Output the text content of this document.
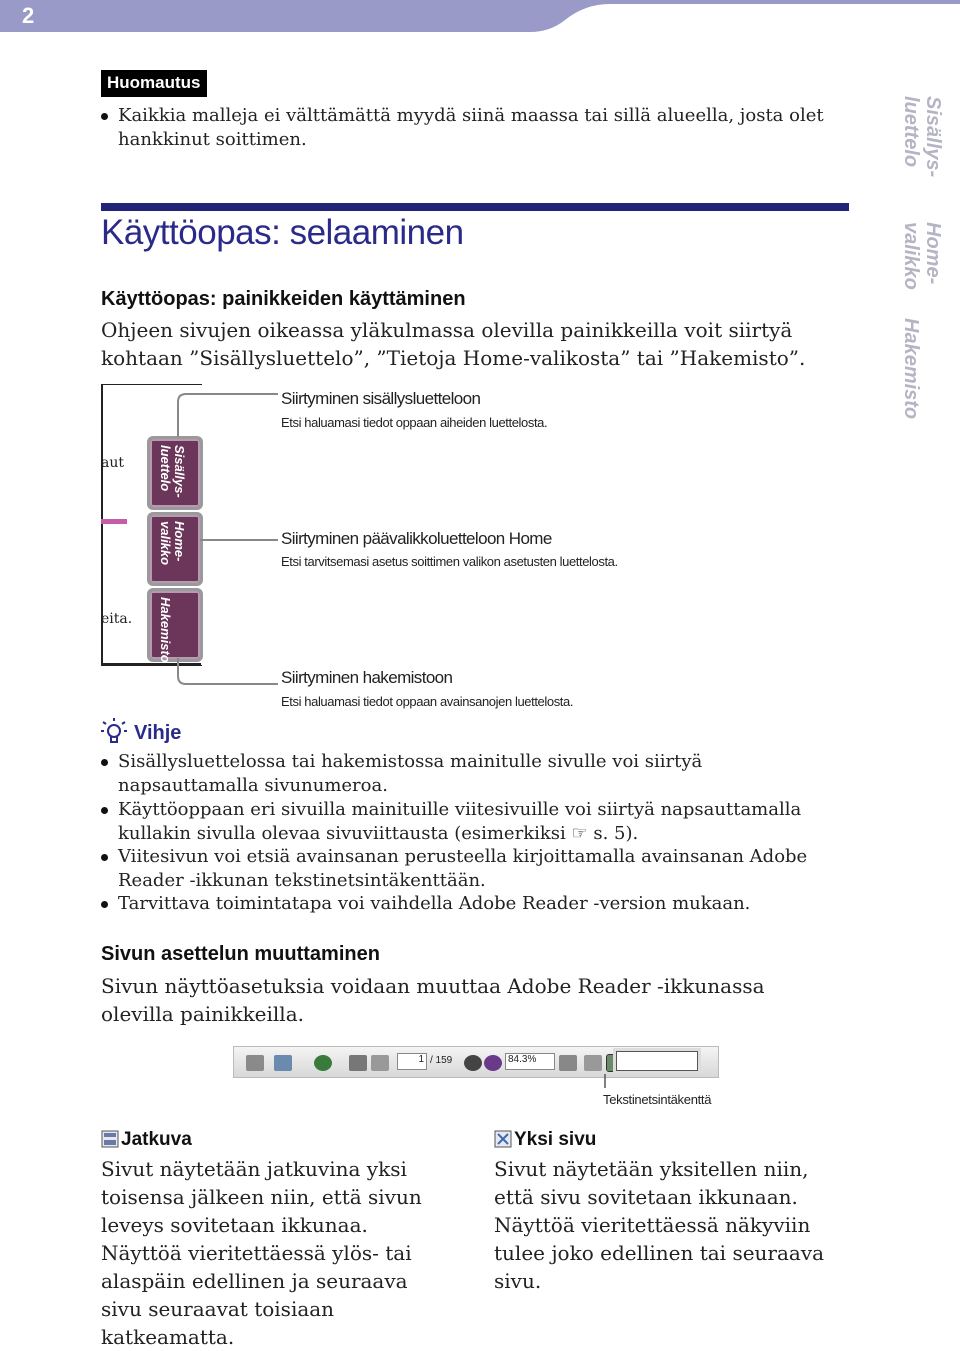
2
Sisällys-
luettelo
Home-
valikko
Hakemisto
Huomautus
Kaikkia malleja ei välttämättä myydä siinä maassa tai sillä alueella, josta olet hankkinut soittimen.
Käyttöopas: selaaminen
Käyttöopas: painikkeiden käyttäminen
Ohjeen sivujen oikeassa yläkulmassa olevilla painikkeilla voit siirtyä kohtaan ”Sisällysluettelo”, ”Tietoja Home-valikosta” tai ”Hakemisto”.
aut
eita.
Sisällys-
luettelo
Home-
valikko
Hakemisto
Siirtyminen sisällysluetteloon
Etsi haluamasi tiedot oppaan aiheiden luettelosta.
Siirtyminen päävalikkoluetteloon Home
Etsi tarvitsemasi asetus soittimen valikon asetusten luettelosta.
Siirtyminen hakemistoon
Etsi haluamasi tiedot oppaan avainsanojen luettelosta.
Vihje
Sisällysluettelossa tai hakemistossa mainitulle sivulle voi siirtyä napsauttamalla sivunumeroa.
Käyttöoppaan eri sivuilla mainituille viitesivuille voi siirtyä napsauttamalla kullakin sivulla olevaa sivuviittausta (esimerkiksi ☞ s. 5).
Viitesivun voi etsiä avainsanan perusteella kirjoittamalla avainsanan Adobe Reader -ikkunan tekstinetsintäkenttään.
Tarvittava toimintatapa voi vaihdella Adobe Reader -version mukaan.
Sivun asettelun muuttaminen
Sivun näyttöasetuksia voidaan muuttaa Adobe Reader -ikkunassa olevilla painikkeilla.
1 / 159	84.3%
Tekstinetsintäkenttä
Jatkuva
Sivut näytetään jatkuvina yksi toisensa jälkeen niin, että sivun leveys sovitetaan ikkunaa. Näyttöä vieritettäessä ylös- tai alaspäin edellinen ja seuraava sivu seuraavat toisiaan katkeamatta.
Yksi sivu
Sivut näytetään yksitellen niin, että sivu sovitetaan ikkunaan. Näyttöä vieritettäessä näkyviin tulee joko edellinen tai seuraava sivu.
